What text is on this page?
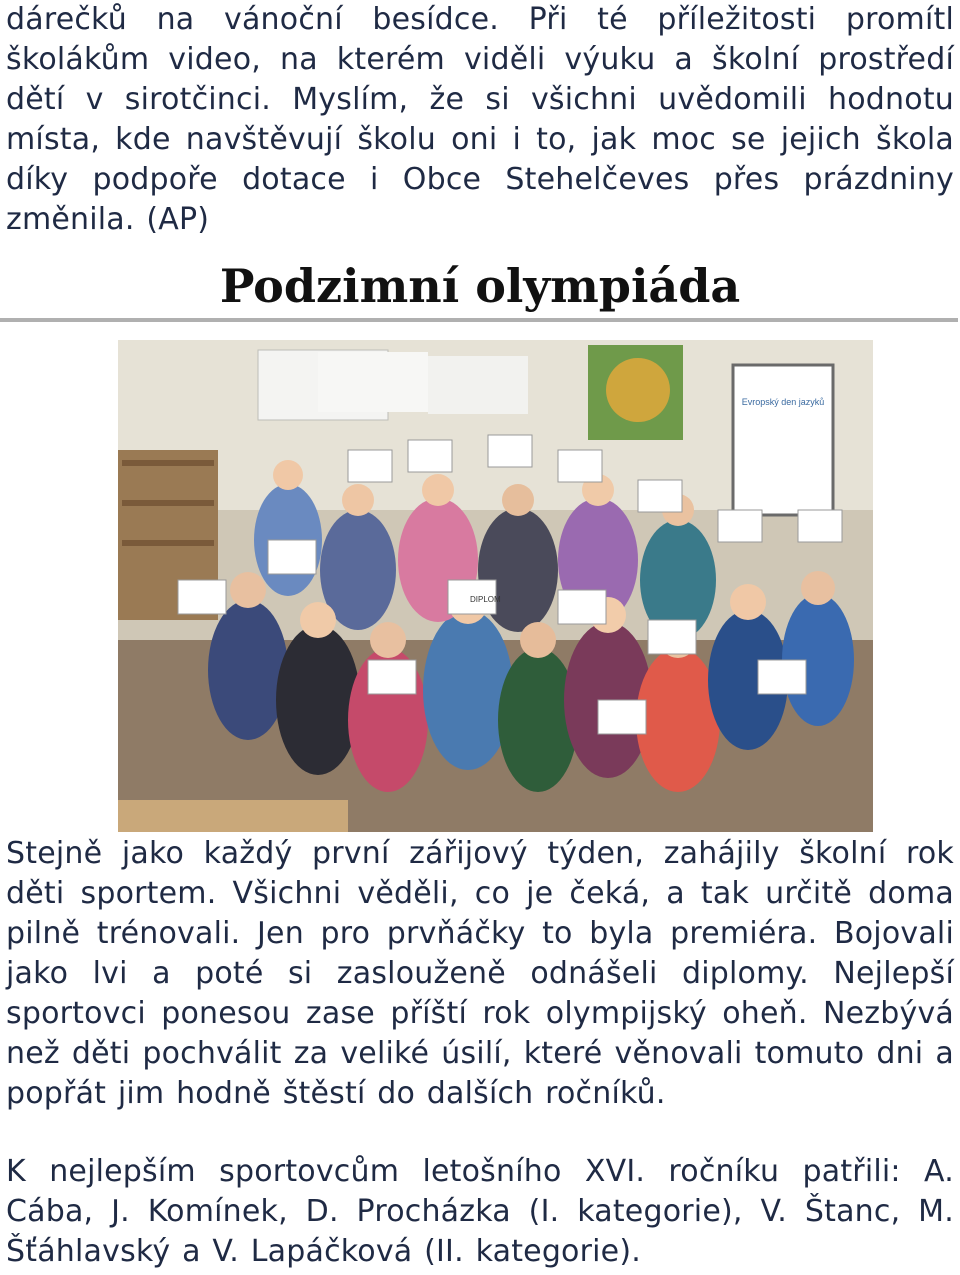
dárečků na vánoční besídce. Při té příležitosti promítl školákům video, na kterém viděli výuku a školní prostředí dětí v sirotčinci. Myslím, že si všichni uvědomili hodnotu místa, kde navštěvují školu oni i to, jak moc se jejich škola díky podpoře dotace i Obce Stehelčeves přes prázdniny změnila. (AP)

Podzimní olympiáda
Evropský den jazyků
DIPLOM

Stejně jako každý první zářijový týden, zahájily školní rok děti sportem. Všichni věděli, co je čeká, a tak určitě doma pilně trénovali. Jen pro prvňáčky to byla premiéra. Bojovali jako lvi a poté si zaslouženě odnášeli diplomy. Nejlepší sportovci ponesou zase příští rok olympijský oheň. Nezbývá než děti pochválit za veliké úsilí, které věnovali tomuto dni a popřát jim hodně štěstí do dalších ročníků.

K nejlepším sportovcům letošního XVI. ročníku patřili: A. Cába, J. Komínek, D. Procházka (I. kategorie), V. Štanc, M. Šťáhlavský a V. Lapáčková (II. kategorie).
